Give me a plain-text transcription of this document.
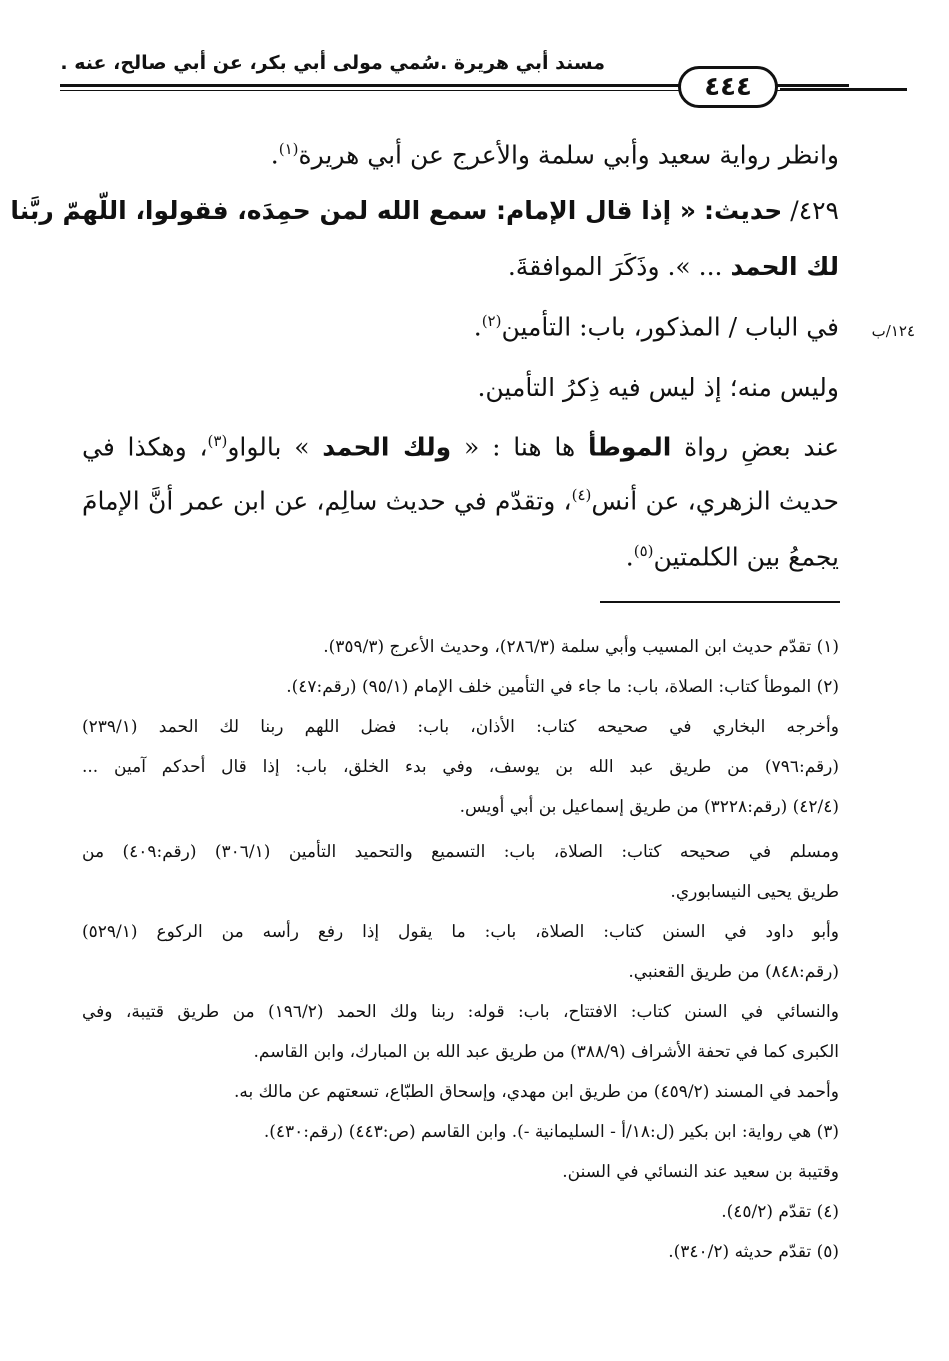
مسند أبي هريرة .سُمي مولى أبي بكر، عن أبي صالح، عنه .
٤٤٤
وانظر رواية سعيد وأبي سلمة والأعرج عن أبي هريرة$^{(١)}$.
٤٢٩/ حديث: « إذا قال الإمام: سمع الله لمن حمِدَه، فقولوا، اللّهمّ ربَّنا
لك الحمد ... ». وذَكَرَ الموافقةَ.
١٢٤/ب
في الباب / المذكور، باب: التأمين$^{(٢)}$.
وليس منه؛ إذ ليس فيه ذِكرُ التأمين.
عند بعضِ رواة الموطأ ها هنا : « ولك الحمد » بالواو$^{(٣)}$، وهكذا في
حديث الزهري، عن أنس$^{(٤)}$، وتقدّم في حديث سالِم، عن ابن عمر أنَّ الإمامَ
يجمعُ بين الكلمتين$^{(٥)}$.
(١) تقدّم حديث ابن المسيب وأبي سلمة (٢٨٦/٣)، وحديث الأعرج (٣٥٩/٣).
(٢) الموطأ كتاب: الصلاة، باب: ما جاء في التأمين خلف الإمام (٩٥/١) (رقم:٤٧).
وأخرجه البخاري في صحيحه كتاب: الأذان، باب: فضل اللهم ربنا لك الحمد (٢٣٩/١)
(رقم:٧٩٦) من طريق عبد الله بن يوسف، وفي بدء الخلق، باب: إذا قال أحدكم آمين ...
(٤٢/٤) (رقم:٣٢٢٨) من طريق إسماعيل بن أبي أويس.
ومسلم في صحيحه كتاب: الصلاة، باب: التسميع والتحميد التأمين (٣٠٦/١) (رقم:٤٠٩) من
طريق يحيى النيسابوري.
وأبو داود في السنن كتاب: الصلاة، باب: ما يقول إذا رفع رأسه من الركوع (٥٢٩/١)
(رقم:٨٤٨) من طريق القعنبي.
والنسائي في السنن كتاب: الافتتاح، باب: قوله: ربنا ولك الحمد (١٩٦/٢) من طريق قتيبة، وفي
الكبرى كما في تحفة الأشراف (٣٨٨/٩) من طريق عبد الله بن المبارك، وابن القاسم.
وأحمد في المسند (٤٥٩/٢) من طريق ابن مهدي، وإسحاق الطبّاع، تسعتهم عن مالك به.
(٣) هي رواية: ابن بكير (ل:١٨/أ - السليمانية -). وابن القاسم (ص:٤٤٣) (رقم:٤٣٠).
وقتيبة بن سعيد عند النسائي في السنن.
(٤) تقدّم (٤٥/٢).
(٥) تقدّم حديثه (٣٤٠/٢).
